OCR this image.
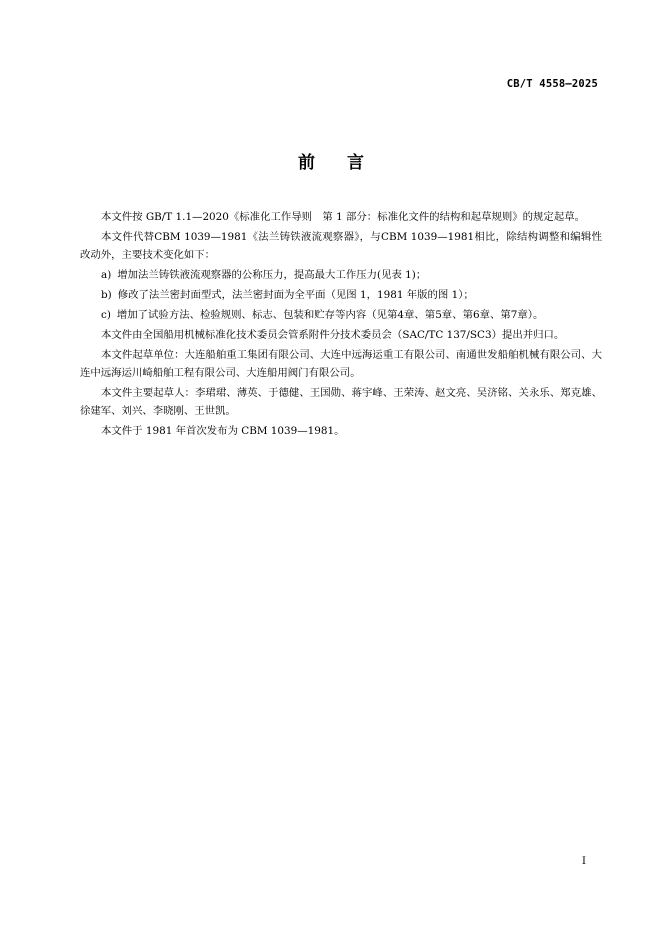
CB/T 4558—2025
前 言

本文件按 GB/T 1.1—2020《标准化工作导则　第 1 部分：标准化文件的结构和起草规则》的规定起草。

本文件代替CBM 1039—1981《法兰铸铁液流观察器》，与CBM 1039—1981相比，除结构调整和编辑性改动外，主要技术变化如下：

a) 增加法兰铸铁液流观察器的公称压力，提高最大工作压力(见表 1)；
b) 修改了法兰密封面型式，法兰密封面为全平面（见图 1，1981 年版的图 1）；
c) 增加了试验方法、检验规则、标志、包装和贮存等内容（见第4章、第5章、第6章、第7章）。

本文件由全国船用机械标准化技术委员会管系附件分技术委员会（SAC/TC 137/SC3）提出并归口。

本文件起草单位：大连船舶重工集团有限公司、大连中远海运重工有限公司、南通世发船舶机械有限公司、大连中远海运川崎船舶工程有限公司、大连船用阀门有限公司。

本文件主要起草人：李珺珺、薄英、于德健、王国勋、蒋宇峰、王荣涛、赵文亮、吴济铭、关永乐、郑克雄、徐建军、刘兴、李晓刚、王世凯。

本文件于 1981 年首次发布为 CBM 1039—1981。

I
